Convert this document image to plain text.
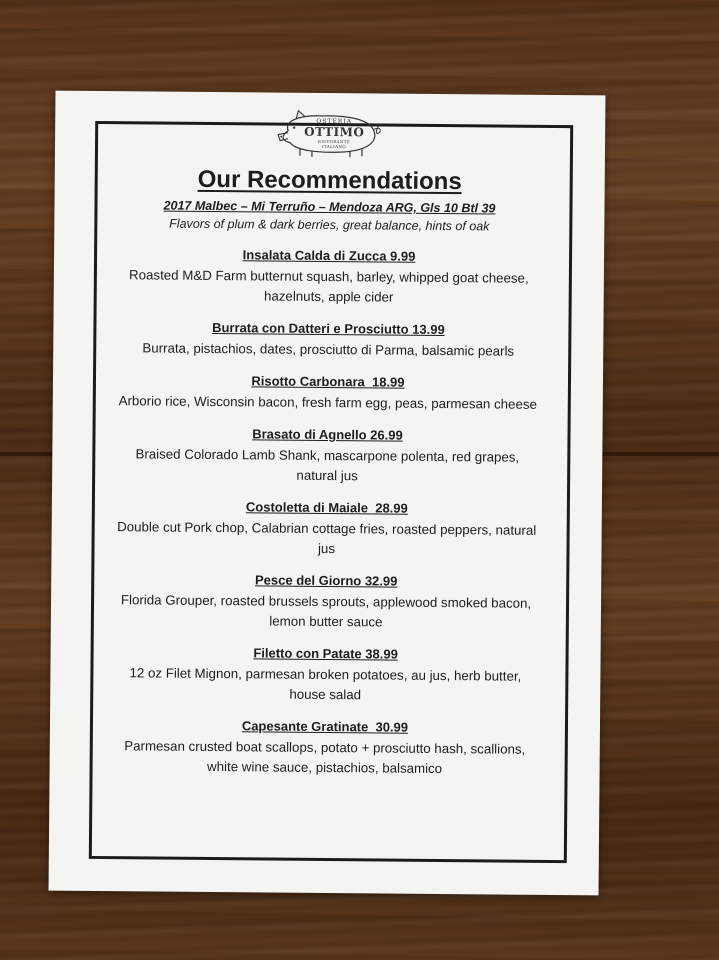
OSTERIA
OTTIMO
RISTORANTE
ITALIANO
Our Recommendations
2017 Malbec – Mi Terruño – Mendoza ARG, Gls 10 Btl 39
Flavors of plum & dark berries, great balance, hints of oak
Insalata Calda di Zucca 9.99
Roasted M&D Farm butternut squash, barley, whipped goat cheese, hazelnuts, apple cider
Burrata con Datteri e Prosciutto 13.99
Burrata, pistachios, dates, prosciutto di Parma, balsamic pearls
Risotto Carbonara  18.99
Arborio rice, Wisconsin bacon, fresh farm egg, peas, parmesan cheese
Brasato di Agnello 26.99
Braised Colorado Lamb Shank, mascarpone polenta, red grapes, natural jus
Costoletta di Maiale  28.99
Double cut Pork chop, Calabrian cottage fries, roasted peppers, natural jus
Pesce del Giorno 32.99
Florida Grouper, roasted brussels sprouts, applewood smoked bacon, lemon butter sauce
Filetto con Patate 38.99
12 oz Filet Mignon, parmesan broken potatoes, au jus, herb butter, house salad
Capesante Gratinate  30.99
Parmesan crusted boat scallops, potato + prosciutto hash, scallions, white wine sauce, pistachios, balsamico
